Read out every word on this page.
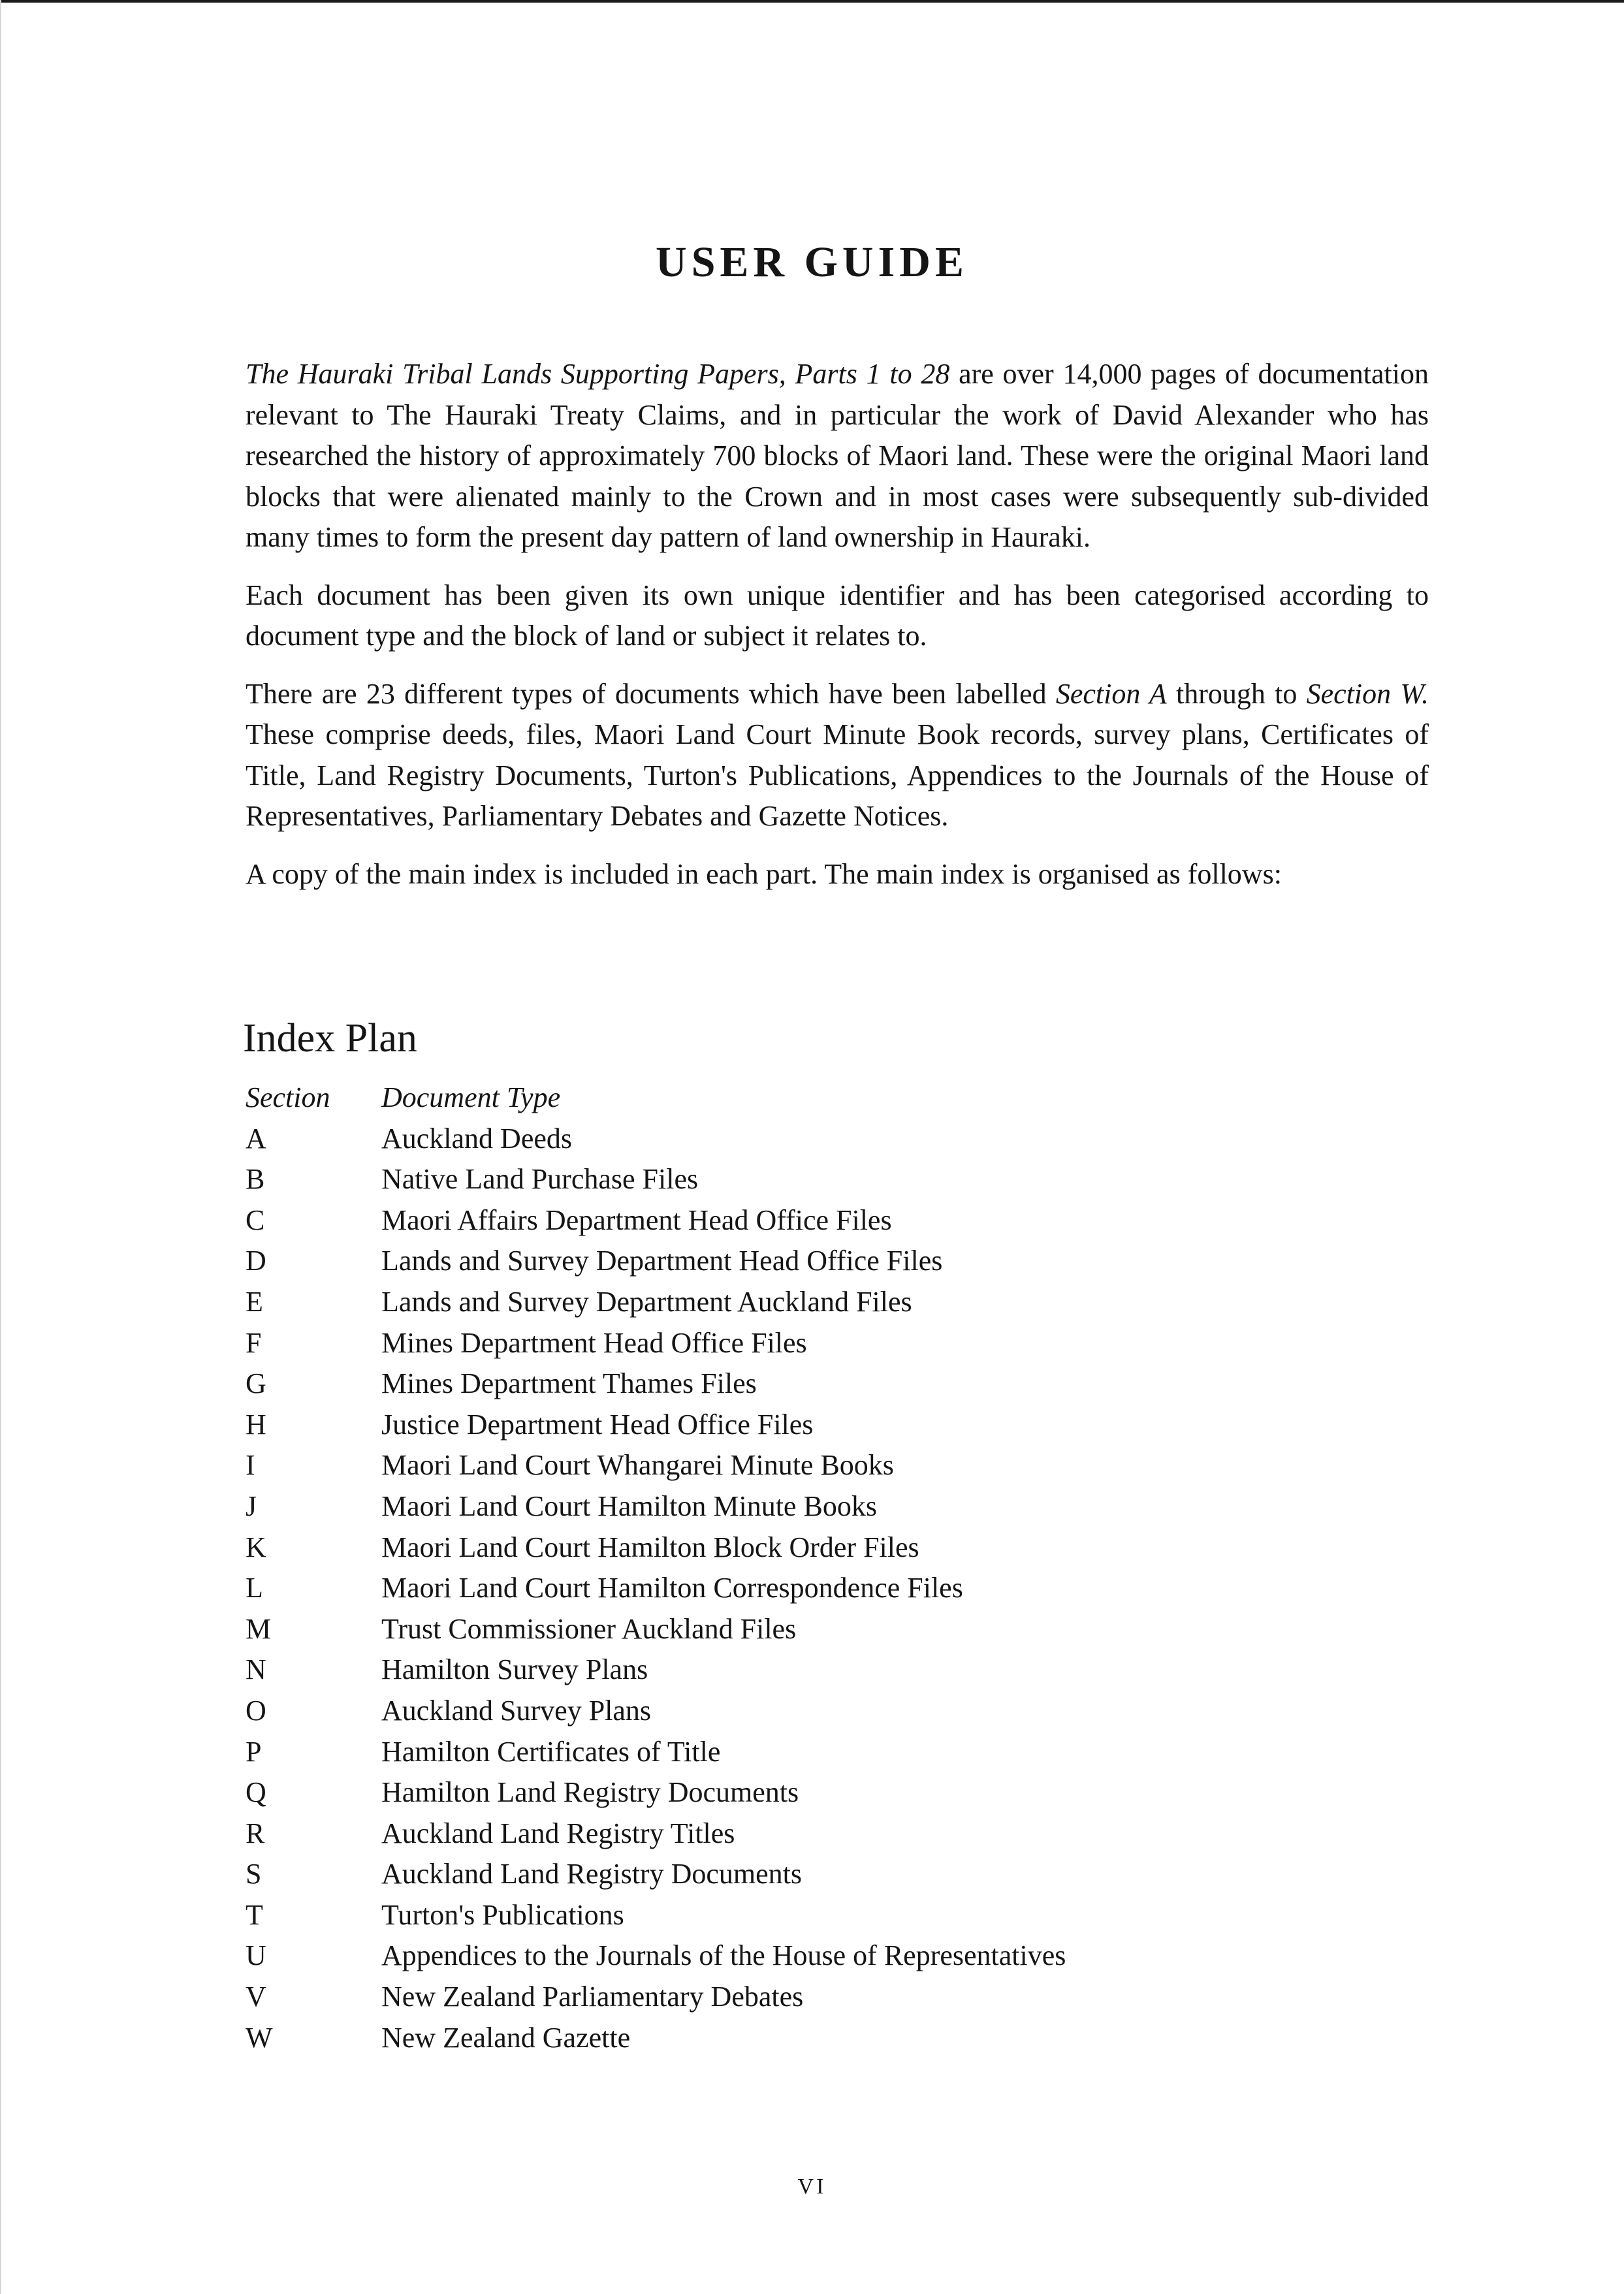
USER GUIDE

The Hauraki Tribal Lands Supporting Papers, Parts 1 to 28 are over 14,000 pages of documentation relevant to The Hauraki Treaty Claims, and in particular the work of David Alexander who has researched the history of approximately 700 blocks of Maori land. These were the original Maori land blocks that were alienated mainly to the Crown and in most cases were subsequently sub-divided many times to form the present day pattern of land ownership in Hauraki.

Each document has been given its own unique identifier and has been categorised according to document type and the block of land or subject it relates to.

There are 23 different types of documents which have been labelled Section A through to Section W. These comprise deeds, files, Maori Land Court Minute Book records, survey plans, Certificates of Title, Land Registry Documents, Turton's Publications, Appendices to the Journals of the House of Representatives, Parliamentary Debates and Gazette Notices.

A copy of the main index is included in each part. The main index is organised as follows:

Index Plan
Section	Document Type
A	Auckland Deeds
B	Native Land Purchase Files
C	Maori Affairs Department Head Office Files
D	Lands and Survey Department Head Office Files
E	Lands and Survey Department Auckland Files
F	Mines Department Head Office Files
G	Mines Department Thames Files
H	Justice Department Head Office Files
I	Maori Land Court Whangarei Minute Books
J	Maori Land Court Hamilton Minute Books
K	Maori Land Court Hamilton Block Order Files
L	Maori Land Court Hamilton Correspondence Files
M	Trust Commissioner Auckland Files
N	Hamilton Survey Plans
O	Auckland Survey Plans
P	Hamilton Certificates of Title
Q	Hamilton Land Registry Documents
R	Auckland Land Registry Titles
S	Auckland Land Registry Documents
T	Turton's Publications
U	Appendices to the Journals of the House of Representatives
V	New Zealand Parliamentary Debates
W	New Zealand Gazette
VI
